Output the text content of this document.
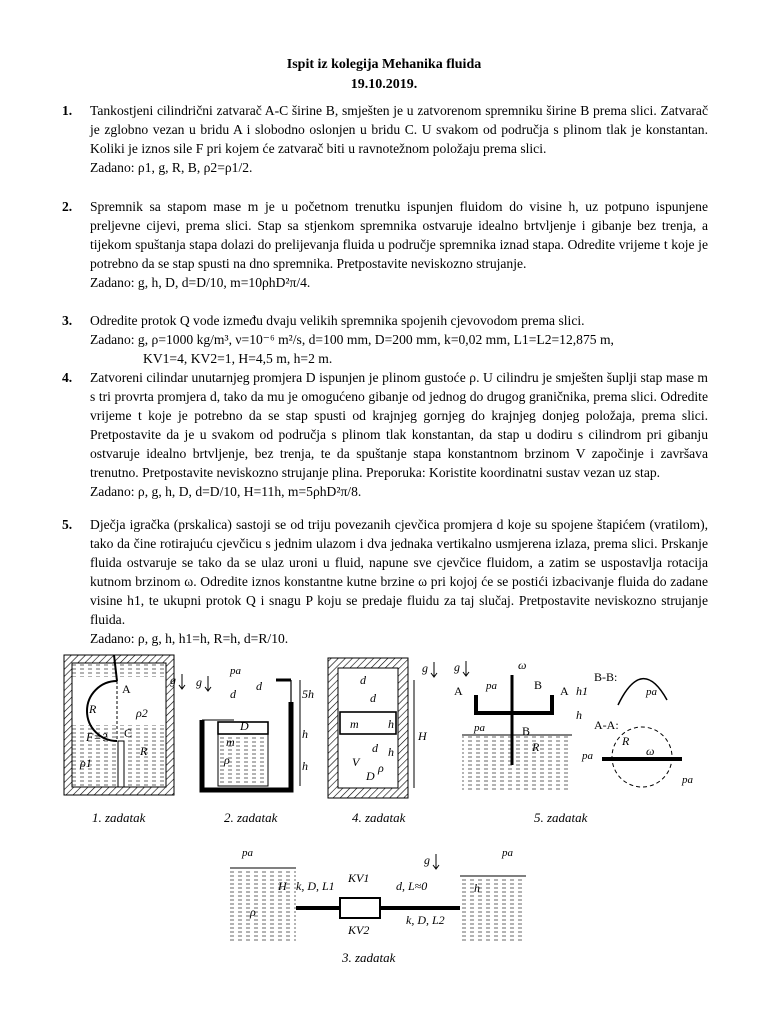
Ispit iz kolegija Mehanika fluida
19.10.2019.
1.	Tankostjeni cilindrični zatvarač A-C širine B, smješten je u zatvorenom spremniku širine B prema slici. Zatvarač je zglobno vezan u bridu A i slobodno oslonjen u bridu C. U svakom od područja s plinom tlak je konstantan. Koliki je iznos sile F pri kojem će zatvarač biti u ravnotežnom položaju prema slici.
Zadano: ρ1, g, R, B, ρ2=ρ1/2.
2.	Spremnik sa stapom mase m je u početnom trenutku ispunjen fluidom do visine h, uz potpuno ispunjene preljevne cijevi, prema slici. Stap sa stjenkom spremnika ostvaruje idealno brtvljenje i gibanje bez trenja, a tijekom spuštanja stapa dolazi do prelijevanja fluida u područje spremnika iznad stapa. Odredite vrijeme t koje je potrebno da se stap spusti na dno spremnika. Pretpostavite neviskozno strujanje.
Zadano: g, h, D, d=D/10, m=10ρhD²π/4.
3.	Odredite protok Q vode između dvaju velikih spremnika spojenih cjevovodom prema slici.
Zadano: g, ρ=1000 kg/m³, ν=10⁻⁶ m²/s, d=100 mm, D=200 mm, k=0,02 mm, L1=L2=12,875 m,
KV1=4, KV2=1, H=4,5 m, h=2 m.
4.	Zatvoreni cilindar unutarnjeg promjera D ispunjen je plinom gustoće ρ. U cilindru je smješten šuplji stap mase m s tri provrta promjera d, tako da mu je omogućeno gibanje od jednog do drugog graničnika, prema slici. Odredite vrijeme t koje je potrebno da se stap spusti od krajnjeg gornjeg do krajnjeg donjeg položaja, prema slici. Pretpostavite da je u svakom od područja s plinom tlak konstantan, da stap u dodiru s cilindrom pri gibanju ostvaruje idealno brtvljenje, bez trenja, te da spuštanje stapa konstantnom brzinom V započinje i završava trenutno. Pretpostavite neviskozno strujanje plina. Preporuka: Koristite koordinatni sustav vezan uz stap.
Zadano: ρ, g, h, D, d=D/10, H=11h, m=5ρhD²π/8.
5.	Dječja igračka (prskalica) sastoji se od triju povezanih cjevčica promjera d koje su spojene štapićem (vratilom), tako da čine rotirajuću cjevčicu s jednim ulazom i dva jednaka vertikalno usmjerena izlaza, prema slici. Prskanje fluida ostvaruje se tako da se ulaz uroni u fluid, napune sve cjevčice fluidom, a zatim se uspostavlja rotacija kutnom brzinom ω. Odredite iznos konstantne kutne brzine ω pri kojoj će se postići izbacivanje fluida do zadane visine h1, te ukupni protok Q i snagu P koju se predaje fluidu za taj slučaj. Pretpostavite neviskozno strujanje fluida.
Zadano: ρ, g, h, h1=h, R=h, d=R/10.
A
R	ρ2
C
F=?
ρ1
R
g g
pa
d
d
5h
D
m
h
ρ	h
g
d
d
m h
H
V
d
D
ρ
h
g	ω
pa
A	B A
pa	B
h1
h
R
B-B:
pa
A-A:
R
ω
pa
pa
1. zadatak	2. zadatak	4. zadatak	5. zadatak
pa
H
ρ
k, D, L1
KV1
d, L≈0
g	pa
h
KV2
k, D, L2
3. zadatak
